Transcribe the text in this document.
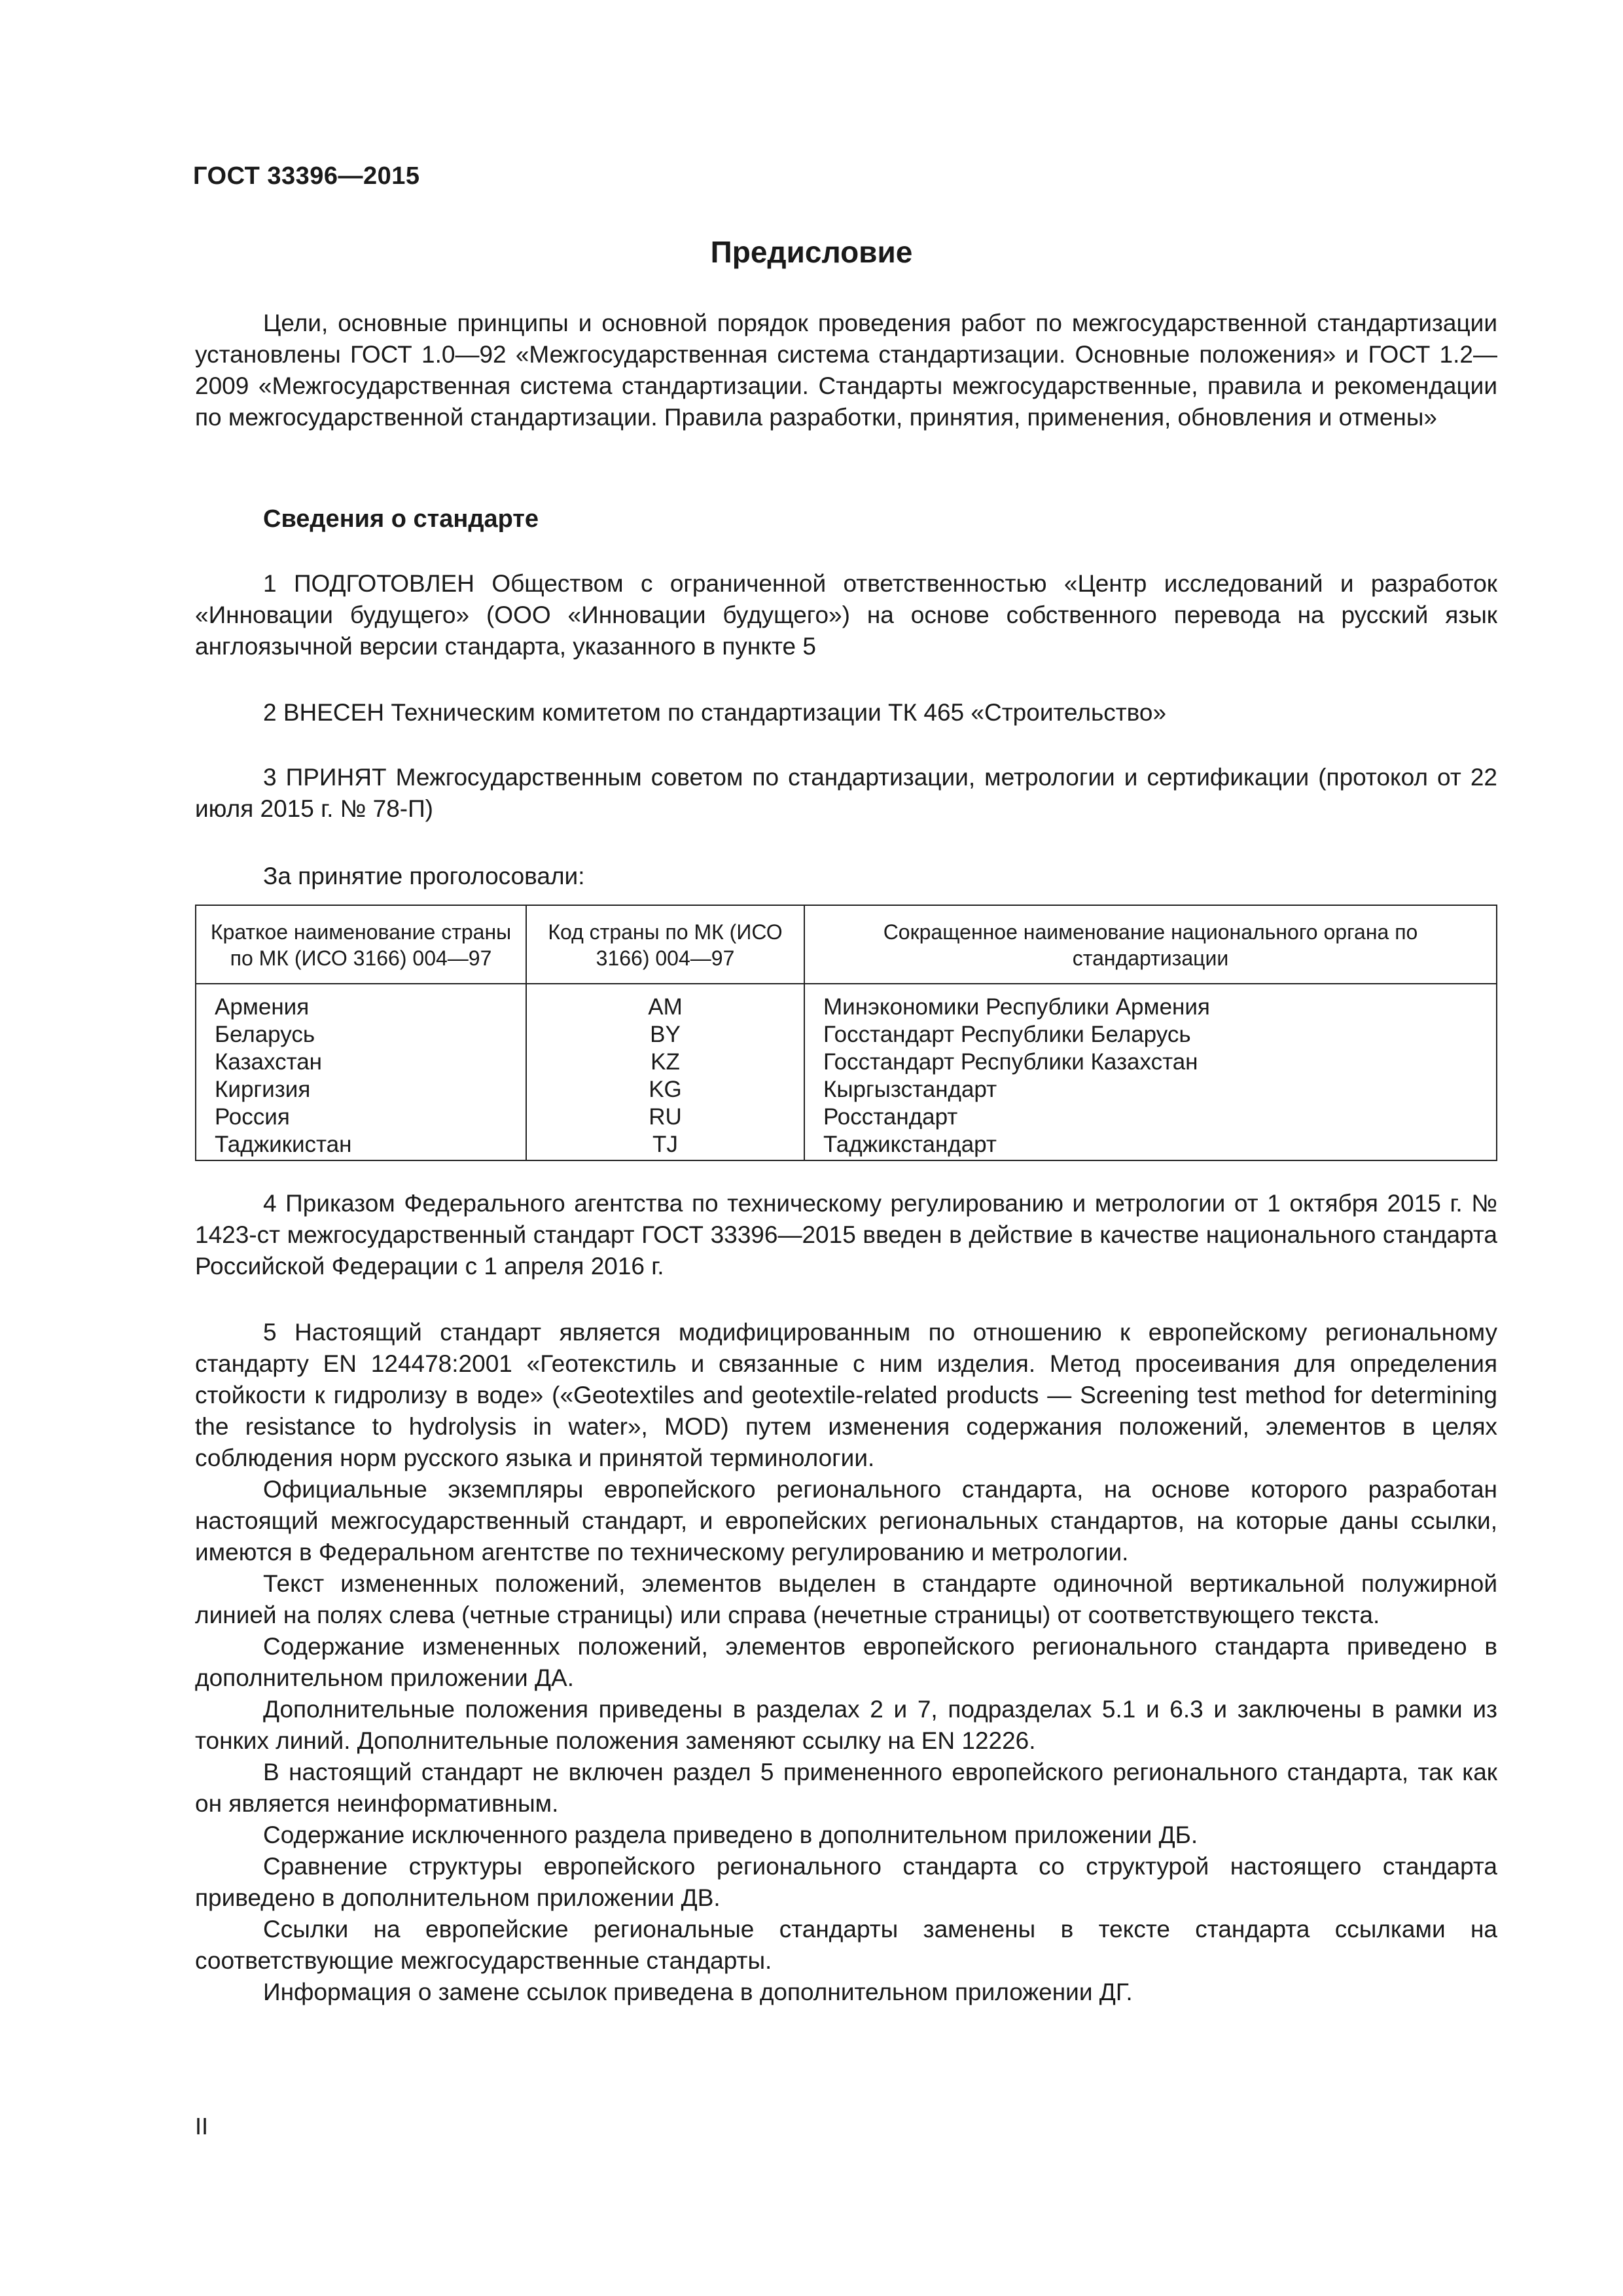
ГОСТ 33396—2015
Предисловие

Цели, основные принципы и основной порядок проведения работ по межгосударственной стандартизации установлены ГОСТ 1.0—92 «Межгосударственная система стандартизации. Основные положения» и ГОСТ 1.2—2009 «Межгосударственная система стандартизации. Стандарты межгосударственные, правила и рекомендации по межгосударственной стандартизации. Правила разработки, принятия, применения, обновления и отмены»

Сведения о стандарте

1 ПОДГОТОВЛЕН Обществом с ограниченной ответственностью «Центр исследований и разработок «Инновации будущего» (ООО «Инновации будущего») на основе собственного перевода на русский язык англоязычной версии стандарта, указанного в пункте 5

2 ВНЕСЕН Техническим комитетом по стандартизации ТК 465 «Строительство»

3 ПРИНЯТ Межгосударственным советом по стандартизации, метрологии и сертификации (протокол от 22 июля 2015 г. № 78-П)

За принятие проголосовали:
Краткое наименование страны по МК (ИСО 3166) 004—97	Код страны по МК (ИСО 3166) 004—97	Сокращенное наименование национального органа по стандартизации
Армения	AM	Минэкономики Республики Армения
Беларусь	BY	Госстандарт Республики Беларусь
Казахстан	KZ	Госстандарт Республики Казахстан
Киргизия	KG	Кыргызстандарт
Россия	RU	Росстандарт
Таджикистан	TJ	Таджикстандарт

4 Приказом Федерального агентства по техническому регулированию и метрологии от 1 октября 2015 г. № 1423-ст межгосударственный стандарт ГОСТ 33396—2015 введен в действие в качестве национального стандарта Российской Федерации с 1 апреля 2016 г.

5 Настоящий стандарт является модифицированным по отношению к европейскому региональному стандарту EN 124478:2001 «Геотекстиль и связанные с ним изделия. Метод просеивания для определения стойкости к гидролизу в воде» («Geotextiles and geotextile-related products — Screening test method for determining the resistance to hydrolysis in water», MOD) путем изменения содержания положений, элементов в целях соблюдения норм русского языка и принятой терминологии.

Официальные экземпляры европейского регионального стандарта, на основе которого разработан настоящий межгосударственный стандарт, и европейских региональных стандартов, на которые даны ссылки, имеются в Федеральном агентстве по техническому регулированию и метрологии.

Текст измененных положений, элементов выделен в стандарте одиночной вертикальной полужирной линией на полях слева (четные страницы) или справа (нечетные страницы) от соответствующего текста.

Содержание измененных положений, элементов европейского регионального стандарта приведено в дополнительном приложении ДА.

Дополнительные положения приведены в разделах 2 и 7, подразделах 5.1 и 6.3 и заключены в рамки из тонких линий. Дополнительные положения заменяют ссылку на EN 12226.

В настоящий стандарт не включен раздел 5 примененного европейского регионального стандарта, так как он является неинформативным.

Содержание исключенного раздела приведено в дополнительном приложении ДБ.

Сравнение структуры европейского регионального стандарта со структурой настоящего стандарта приведено в дополнительном приложении ДВ.

Ссылки на европейские региональные стандарты заменены в тексте стандарта ссылками на соответствующие межгосударственные стандарты.

Информация о замене ссылок приведена в дополнительном приложении ДГ.

II
